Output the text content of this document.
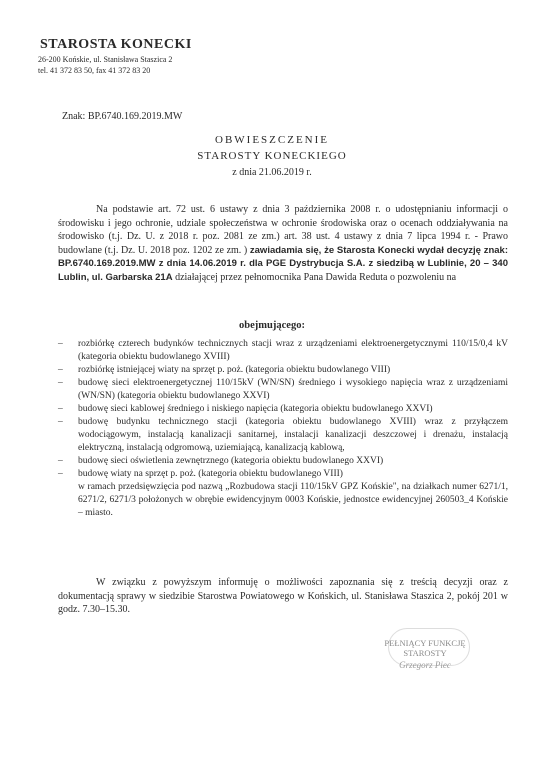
STAROSTA KONECKI
26-200 Końskie, ul. Stanisława Staszica 2
tel. 41 372 83 50, fax 41 372 83 20
Znak: BP.6740.169.2019.MW
OBWIESZCZENIE
STAROSTY KONECKIEGO
z dnia 21.06.2019 r.
Na podstawie art. 72 ust. 6 ustawy z dnia 3 października 2008 r. o udostępnianiu informacji o środowisku i jego ochronie, udziale społeczeństwa w ochronie środowiska oraz o ocenach oddziaływania na środowisko (t.j. Dz. U. z 2018 r. poz. 2081 ze zm.) art. 38 ust. 4 ustawy z dnia 7 lipca 1994 r. - Prawo budowlane (t.j. Dz. U. 2018 poz. 1202 ze zm. ) zawiadamia się, że Starosta Konecki wydał decyzję znak: BP.6740.169.2019.MW z dnia 14.06.2019 r. dla PGE Dystrybucja S.A. z siedzibą w Lublinie, 20 – 340 Lublin, ul. Garbarska 21A działającej przez pełnomocnika Pana Dawida Reduta o pozwoleniu na
obejmującego:
– rozbiórkę czterech budynków technicznych stacji wraz z urządzeniami elektroenergetycznymi 110/15/0,4 kV (kategoria obiektu budowlanego XVIII)
– rozbiórkę istniejącej wiaty na sprzęt p. poż. (kategoria obiektu budowlanego VIII)
– budowę sieci elektroenergetycznej 110/15kV (WN/SN) średniego i wysokiego napięcia wraz z urządzeniami (WN/SN) (kategoria obiektu budowlanego XXVI)
– budowę sieci kablowej średniego i niskiego napięcia (kategoria obiektu budowlanego XXVI)
– budowę budynku technicznego stacji (kategoria obiektu budowlanego XVIII) wraz z przyłączem wodociągowym, instalacją kanalizacji sanitarnej, instalacji kanalizacji deszczowej i drenażu, instalacją elektryczną, instalacją odgromową, uziemiającą, kanalizacją kablową,
– budowę sieci oświetlenia zewnętrznego (kategoria obiektu budowlanego XXVI)
– budowę wiaty na sprzęt p. poż. (kategoria obiektu budowlanego VIII)
w ramach przedsięwzięcia pod nazwą „Rozbudowa stacji 110/15kV GPZ Końskie", na działkach numer 6271/1, 6271/2, 6271/3 położonych w obrębie ewidencyjnym 0003 Końskie, jednostce ewidencyjnej 260503_4 Końskie – miasto.
W związku z powyższym informuję o możliwości zapoznania się z treścią decyzji oraz z dokumentacją sprawy w siedzibie Starostwa Powiatowego w Końskich, ul. Stanisława Staszica 2, pokój 201 w godz. 7.30–15.30.
PEŁNIĄCY FUNKCJĘ
STAROSTY
Grzegorz Piec
